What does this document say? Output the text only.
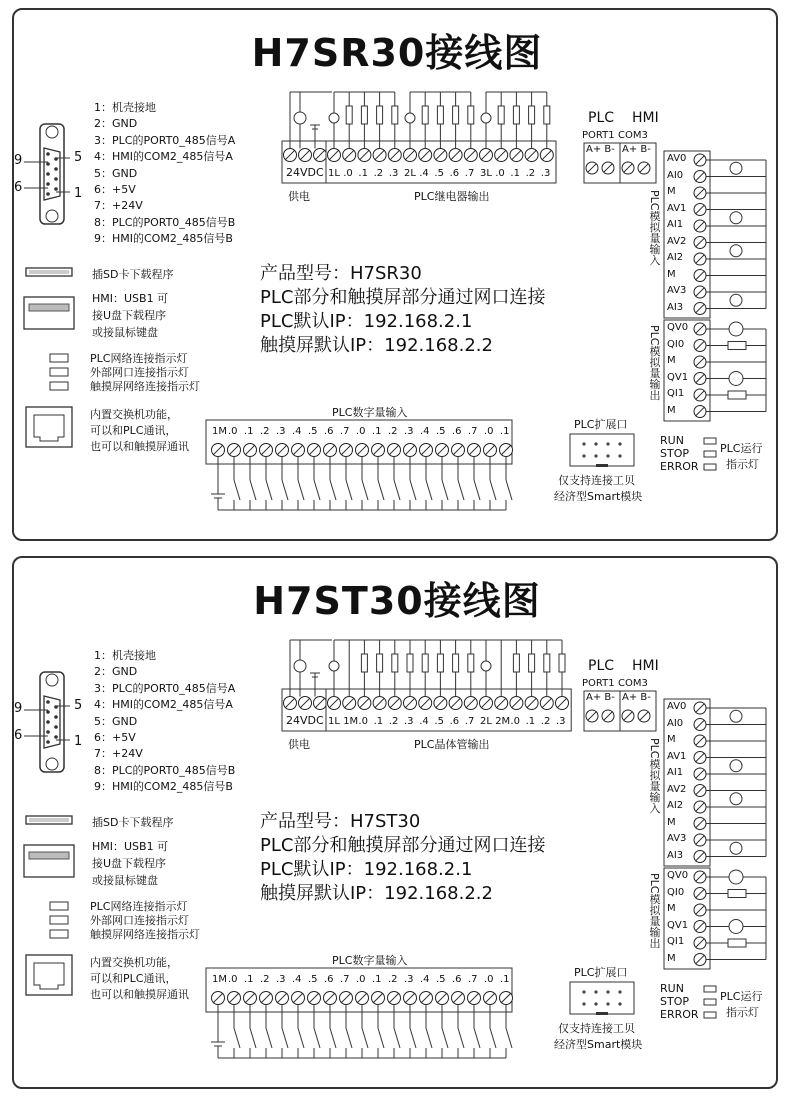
H7SR30接线图
9	5
6	1
1：机壳接地
2：GND
3：PLC的PORT0_485信号A
4：HMI的COM2_485信号A
5：GND
6：+5V
7：+24V
8：PLC的PORT0_485信号B
9：HMI的COM2_485信号B
插SD卡下载程序
HMI：USB1 可
接U盘下载程序
或接鼠标键盘
PLC网络连接指示灯
外部网口连接指示灯
触摸屏网络连接指示灯
内置交换机功能，
可以和PLC通讯，
也可以和触摸屏通讯
产品型号：H7SR30
PLC部分和触摸屏部分通过网口连接
PLC默认IP：192.168.2.1
触摸屏默认IP：192.168.2.2
24VDC
供电
1L .0 .1 .2 .3 2L .4 .5 .6 .7 3L .0 .1 .2 .3
PLC继电器输出
PLC HMI
PORT1 COM3
A+ B- A+ B-
AV0
AI0
M
AV1
AI1
AV2
AI2
M
AV3
AI3
PLC模拟量输入
QV0
QI0
M
QV1
QI1
M
PLC模拟量输出
RUN
STOP
ERROR
PLC运行
指示灯
PLC数字量输入
1M .0 .1 .2 .3 .4 .5 .6 .7 .0 .1 .2 .3 .4 .5 .6 .7 .0 .1
PLC扩展口
仅支持连接工贝
经济型Smart模块
H7ST30接线图
9	5
6	1
1：机壳接地
2：GND
3：PLC的PORT0_485信号A
4：HMI的COM2_485信号A
5：GND
6：+5V
7：+24V
8：PLC的PORT0_485信号B
9：HMI的COM2_485信号B
插SD卡下载程序
HMI：USB1 可
接U盘下载程序
或接鼠标键盘
PLC网络连接指示灯
外部网口连接指示灯
触摸屏网络连接指示灯
内置交换机功能，
可以和PLC通讯，
也可以和触摸屏通讯
产品型号：H7ST30
PLC部分和触摸屏部分通过网口连接
PLC默认IP：192.168.2.1
触摸屏默认IP：192.168.2.2
24VDC
供电
1L 1M .0 .1 .2 .3 .4 .5 .6 .7 2L 2M .0 .1 .2 .3
PLC晶体管输出
PLC HMI
PORT1 COM3
A+ B- A+ B-
AV0
AI0
M
AV1
AI1
AV2
AI2
M
AV3
AI3
PLC模拟量输入
QV0
QI0
M
QV1
QI1
M
PLC模拟量输出
RUN
STOP
ERROR
PLC运行
指示灯
PLC数字量输入
1M .0 .1 .2 .3 .4 .5 .6 .7 .0 .1 .2 .3 .4 .5 .6 .7 .0 .1
PLC扩展口
仅支持连接工贝
经济型Smart模块
